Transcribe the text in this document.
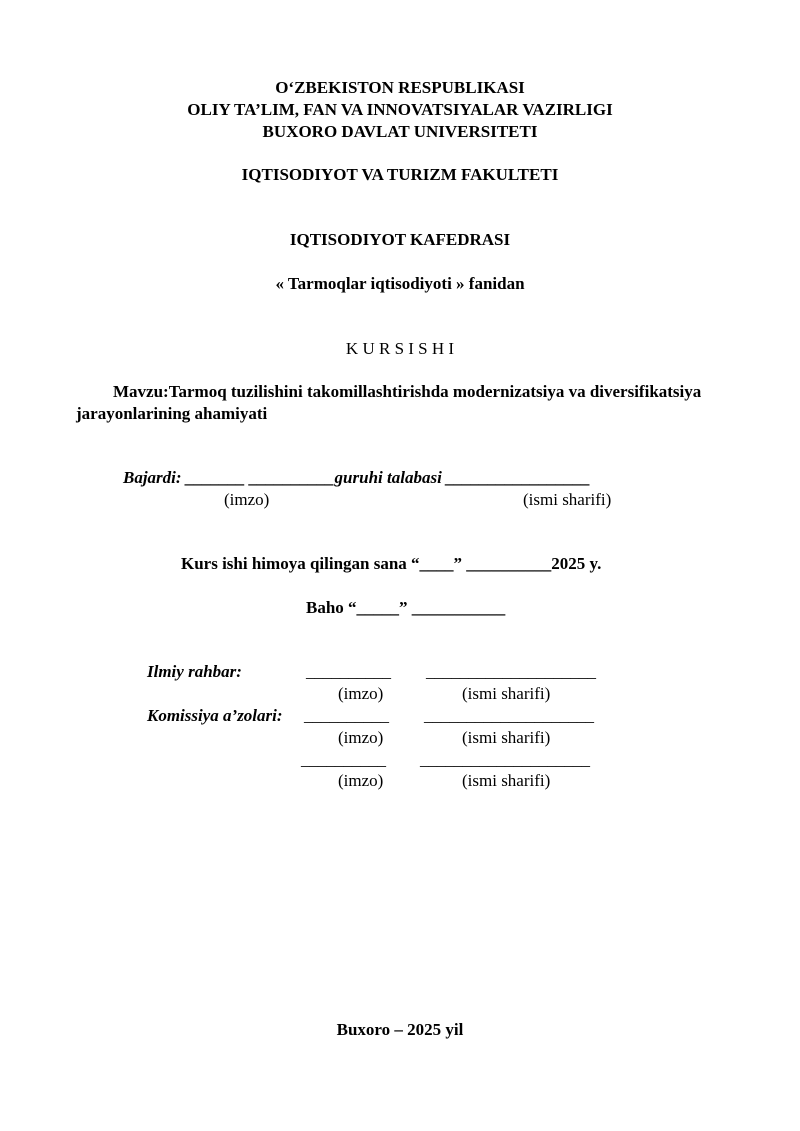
O‘ZBEKISTON RESPUBLIKASI
OLIY TA’LIM, FAN VA INNOVATSIYALAR VAZIRLIGI
BUXORO DAVLAT UNIVERSITETI
IQTISODIYOT VA TURIZM FAKULTETI
IQTISODIYOT KAFEDRASI
« Tarmoqlar iqtisodiyoti » fanidan
K U R S I S H I
Mavzu:Tarmoq tuzilishini takomillashtirishda modernizatsiya va diversifikatsiya
jarayonlarining ahamiyati
Bajardi: _______ __________guruhi talabasi _________________
(imzo)	(ismi sharifi)
Kurs ishi himoya qilingan sana “____” __________2025 y.
Baho “_____” ___________
Ilmiy rahbar:	__________ ____________________
(imzo)	(ismi sharifi)
Komissiya a’zolari: __________ ____________________
(imzo)	(ismi sharifi)
__________ ____________________
(imzo)	(ismi sharifi)
Buxoro – 2025 yil
